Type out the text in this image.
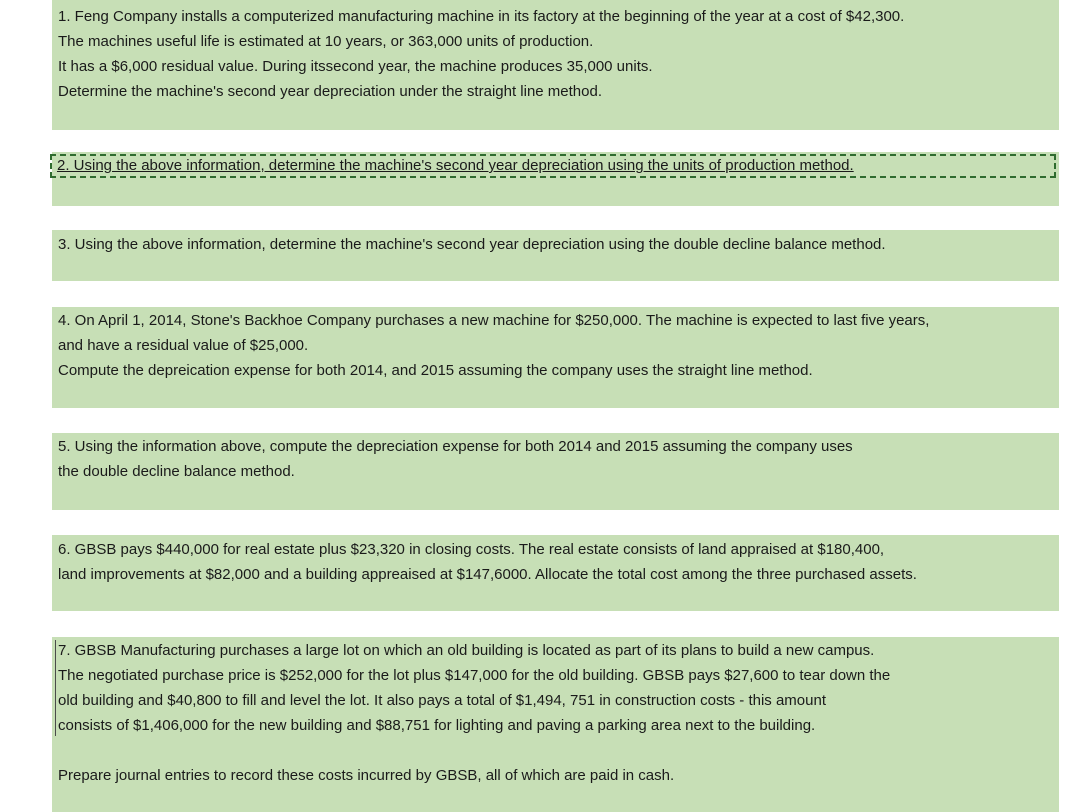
1. Feng Company installs a computerized manufacturing machine in its factory at the beginning of the year at a cost of $42,300.

The machines useful life is estimated at 10 years, or 363,000 units of production.

It has a $6,000 residual value. During itssecond year, the machine produces 35,000 units.

Determine the machine's second year depreciation under the straight line method.

2. Using the above information, determine the machine's second year depreciation using the units of production method.

3. Using the above information, determine the machine's second year depreciation using the double decline balance method.

4. On April 1, 2014, Stone's Backhoe Company purchases a new machine for $250,000. The machine is expected to last five years,

and have a residual value of $25,000.

Compute the depreication expense for both 2014, and 2015 assuming the company uses the straight line method.

5. Using the information above, compute the depreciation expense for both 2014 and 2015 assuming the company uses

the double decline balance method.

6. GBSB pays $440,000 for real estate plus $23,320 in closing costs. The real estate consists of land appraised at $180,400,

land improvements at $82,000 and a building appreaised at $147,6000. Allocate the total cost among the three purchased assets.

7. GBSB Manufacturing purchases a large lot on which an old building is located as part of its plans to build a new campus.

The negotiated purchase price is $252,000 for the lot plus $147,000 for the old building. GBSB pays $27,600 to tear down the

old building and $40,800 to fill and level the lot. It also pays a total of $1,494, 751 in construction costs - this amount

consists of $1,406,000 for the new building and $88,751 for lighting and paving a parking area next to the building.

Prepare journal entries to record these costs incurred by GBSB, all of which are paid in cash.
